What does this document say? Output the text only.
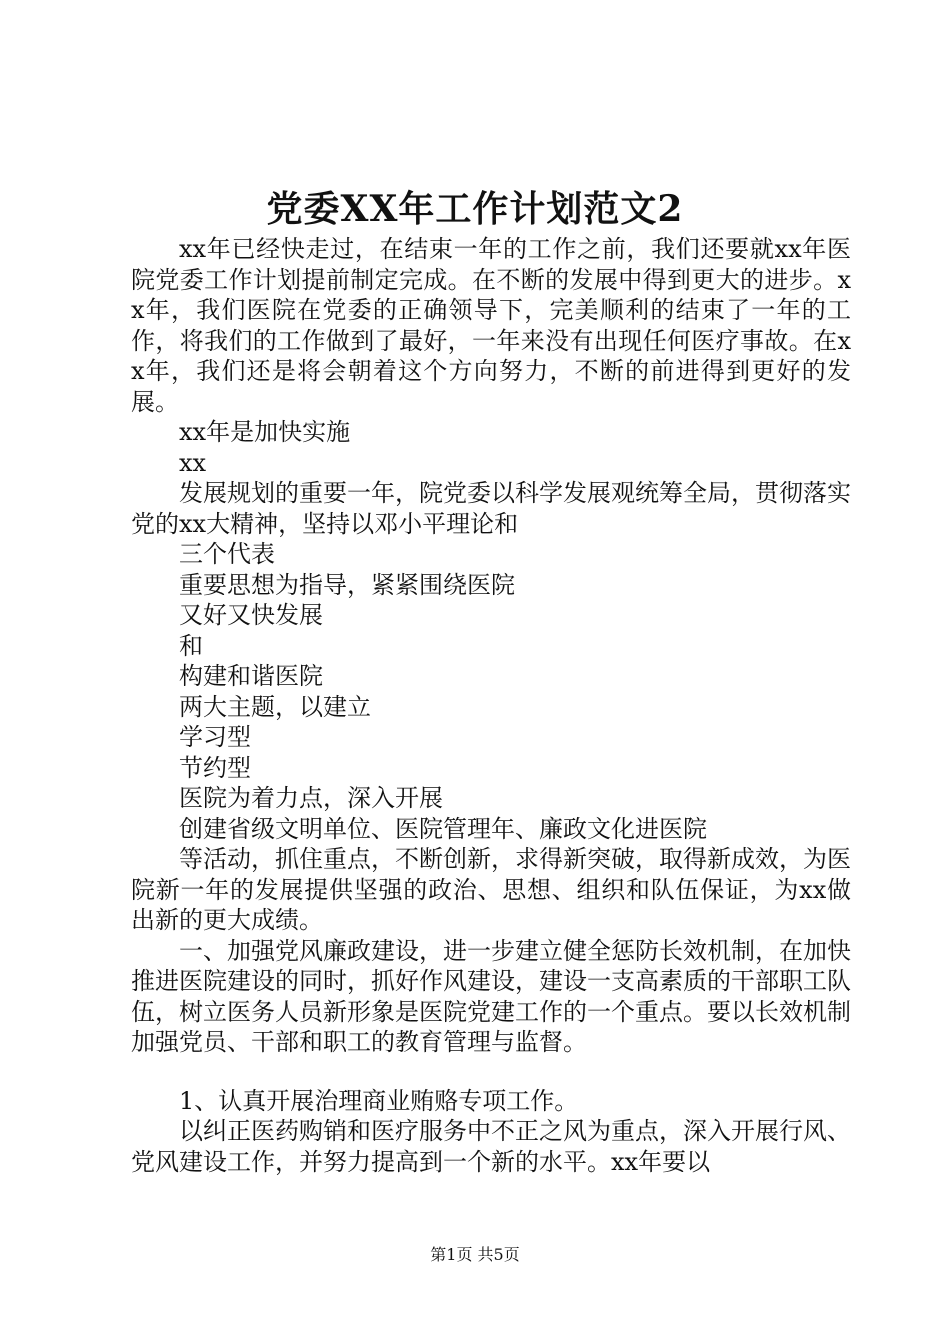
党委XX年工作计划范文2

xx年已经快走过，在结束一年的工作之前，我们还要就xx年医院党委工作计划提前制定完成。在不断的发展中得到更大的进步。xx年，我们医院在党委的正确领导下，完美顺利的结束了一年的工作，将我们的工作做到了最好，一年来没有出现任何医疗事故。在xx年，我们还是将会朝着这个方向努力，不断的前进得到更好的发展。

xx年是加快实施

xx

发展规划的重要一年，院党委以科学发展观统筹全局，贯彻落实党的xx大精神，坚持以邓小平理论和

三个代表

重要思想为指导，紧紧围绕医院

又好又快发展

和

构建和谐医院

两大主题，以建立

学习型

节约型

医院为着力点，深入开展

创建省级文明单位、医院管理年、廉政文化进医院

等活动，抓住重点，不断创新，求得新突破，取得新成效，为医院新一年的发展提供坚强的政治、思想、组织和队伍保证，为xx做出新的更大成绩。

一、加强党风廉政建设，进一步建立健全惩防长效机制，在加快推进医院建设的同时，抓好作风建设，建设一支高素质的干部职工队伍，树立医务人员新形象是医院党建工作的一个重点。要以长效机制加强党员、干部和职工的教育管理与监督。

1、认真开展治理商业贿赂专项工作。

以纠正医药购销和医疗服务中不正之风为重点，深入开展行风、党风建设工作，并努力提高到一个新的水平。xx年要以

第1页 共5页
